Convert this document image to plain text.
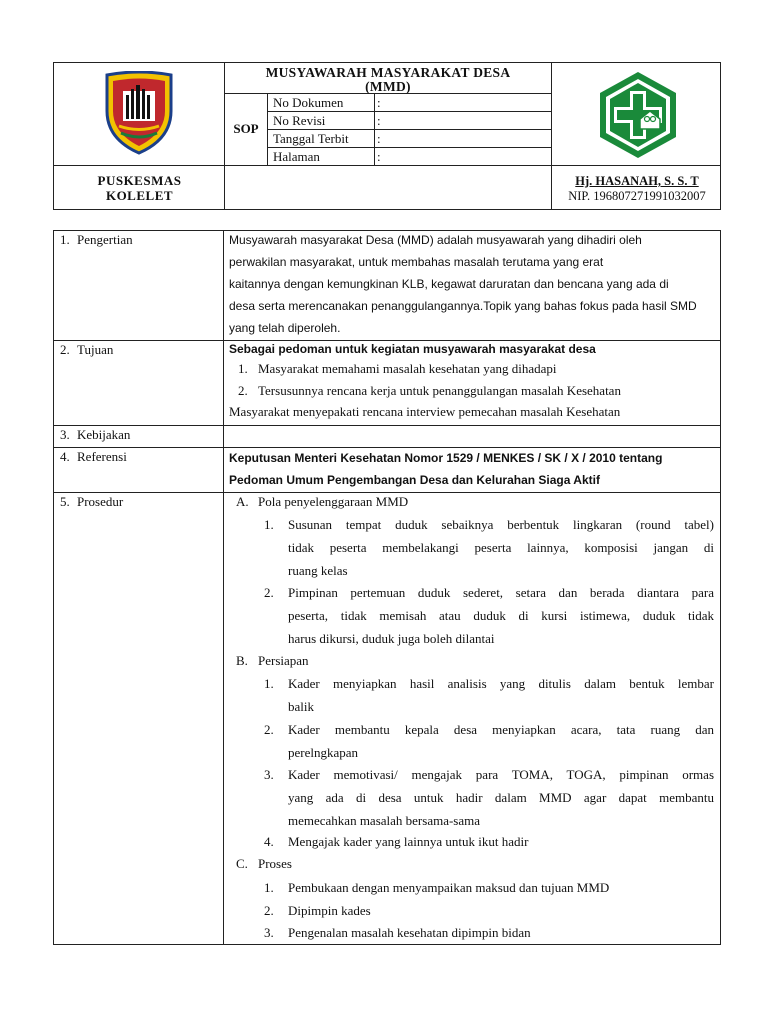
MUSYAWARAH MASYARAKAT DESA
(MMD)
SOP
No Dokumen	:
No Revisi	:
Tanggal Terbit :
Halaman	:
PUSKESMAS
KOLELET
Hj. HASANAH, S. S. T
NIP. 196807271991032007
1. Pengertian	Musyawarah masyarakat Desa (MMD) adalah musyawarah yang dihadiri oleh
perwakilan masyarakat, untuk membahas masalah terutama yang erat
kaitannya dengan kemungkinan KLB, kegawat daruratan dan bencana yang ada di
desa serta merencanakan penanggulangannya.Topik yang bahas fokus pada hasil SMD
yang telah diperoleh.
2. Tujuan	Sebagai pedoman untuk kegiatan musyawarah masyarakat desa
1. Masyarakat memahami masalah kesehatan yang dihadapi
2. Tersusunnya rencana kerja untuk penanggulangan masalah Kesehatan
Masyarakat menyepakati rencana interview pemecahan masalah Kesehatan
3. Kebijakan
4. Referensi	Keputusan Menteri Kesehatan Nomor 1529 / MENKES / SK / X / 2010 tentang
Pedoman Umum Pengembangan Desa dan Kelurahan Siaga Aktif
5. Prosedur	A. Pola penyelenggaraan MMD
1. Susunan tempat duduk sebaiknya berbentuk lingkaran (round tabel)
tidak peserta membelakangi peserta lainnya, komposisi jangan di
ruang kelas
2. Pimpinan pertemuan duduk sederet, setara dan berada diantara para
peserta, tidak memisah atau duduk di kursi istimewa, duduk tidak
harus dikursi, duduk juga boleh dilantai
B. Persiapan
1. Kader menyiapkan hasil analisis yang ditulis dalam bentuk lembar
balik
2. Kader membantu kepala desa menyiapkan acara, tata ruang dan
perelngkapan
3. Kader memotivasi/ mengajak para TOMA, TOGA, pimpinan ormas
yang ada di desa untuk hadir dalam MMD agar dapat membantu
memecahkan masalah bersama-sama
4. Mengajak kader yang lainnya untuk ikut hadir
C. Proses
1. Pembukaan dengan menyampaikan maksud dan tujuan MMD
2. Dipimpin kades
3. Pengenalan masalah kesehatan dipimpin bidan
